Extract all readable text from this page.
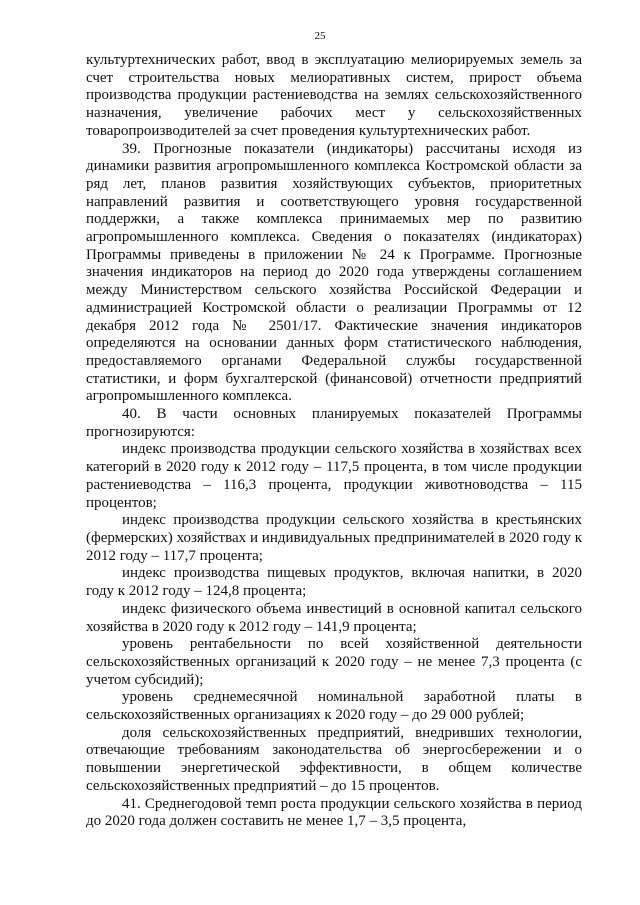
25

культуртехнических работ, ввод в эксплуатацию мелиорируемых земель за счет строительства новых мелиоративных систем, прирост объема производства продукции растениеводства на землях сельскохозяйственного назначения, увеличение рабочих мест у сельскохозяйственных товаропроизводителей за счет проведения культуртехнических работ.

39. Прогнозные показатели (индикаторы) рассчитаны исходя из динамики развития агропромышленного комплекса Костромской области за ряд лет, планов развития хозяйствующих субъектов, приоритетных направлений развития и соответствующего уровня государственной поддержки, а также комплекса принимаемых мер по развитию агропромышленного комплекса. Сведения о показателях (индикаторах) Программы приведены в приложении № 24 к Программе. Прогнозные значения индикаторов на период до 2020 года утверждены соглашением между Министерством сельского хозяйства Российской Федерации и администрацией Костромской области о реализации Программы от 12 декабря 2012 года № 2501/17. Фактические значения индикаторов определяются на основании данных форм статистического наблюдения, предоставляемого органами Федеральной службы государственной статистики, и форм бухгалтерской (финансовой) отчетности предприятий агропромышленного комплекса.

40. В части основных планируемых показателей Программы прогнозируются:

индекс производства продукции сельского хозяйства в хозяйствах всех категорий в 2020 году к 2012 году – 117,5 процента, в том числе продукции растениеводства – 116,3 процента, продукции животноводства – 115 процентов;

индекс производства продукции сельского хозяйства в крестьянских (фермерских) хозяйствах и индивидуальных предпринимателей в 2020 году к 2012 году – 117,7 процента;

индекс производства пищевых продуктов, включая напитки, в 2020 году к 2012 году – 124,8 процента;

индекс физического объема инвестиций в основной капитал сельского хозяйства в 2020 году к 2012 году – 141,9 процента;

уровень рентабельности по всей хозяйственной деятельности сельскохозяйственных организаций к 2020 году – не менее 7,3 процента (с учетом субсидий);

уровень среднемесячной номинальной заработной платы в сельскохозяйственных организациях к 2020 году – до 29 000 рублей;

доля сельскохозяйственных предприятий, внедривших технологии, отвечающие требованиям законодательства об энергосбережении и о повышении энергетической эффективности, в общем количестве сельскохозяйственных предприятий – до 15 процентов.

41. Среднегодовой темп роста продукции сельского хозяйства в период до 2020 года должен составить не менее 1,7 – 3,5 процента,
